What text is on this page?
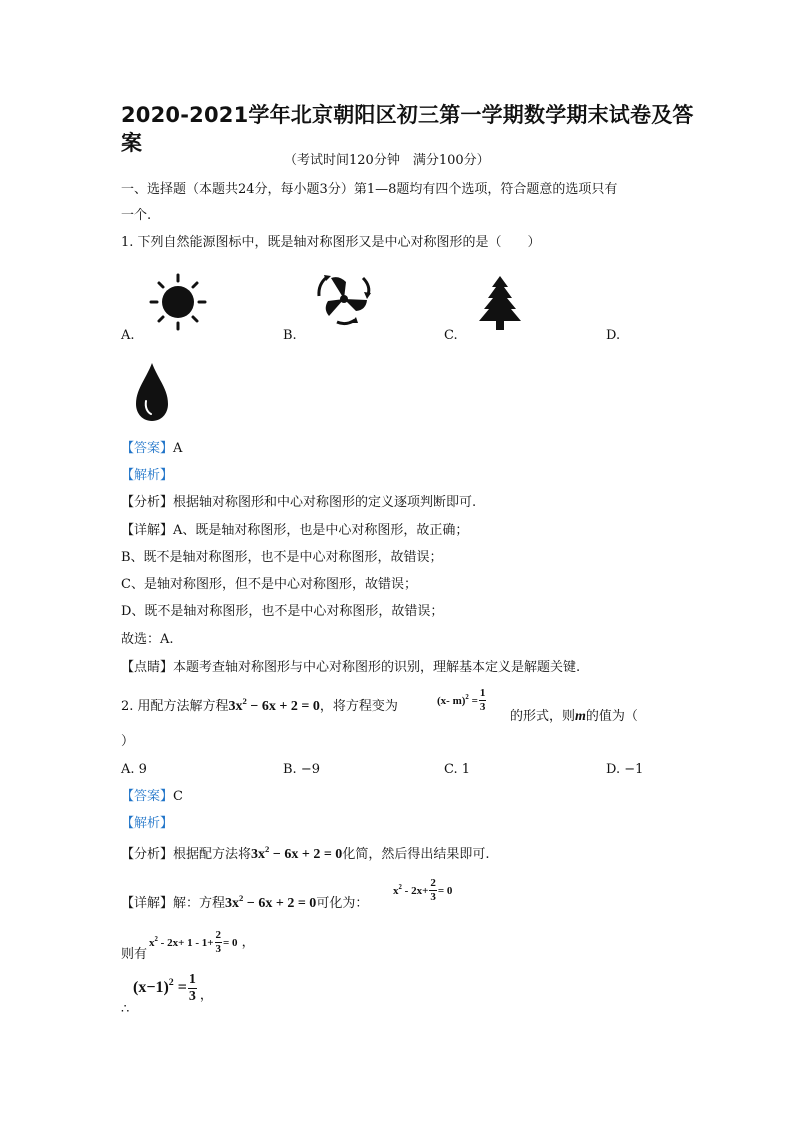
2020-2021学年北京朝阳区初三第一学期数学期末试卷及答
案
（考试时间120分钟　满分100分）
一、选择题（本题共24分，每小题3分）第1—8题均有四个选项，符合题意的选项只有
一个.
1. 下列自然能源图标中，既是轴对称图形又是中心对称图形的是（　　）
A.	B.	C.	D.
【答案】A
【解析】
【分析】根据轴对称图形和中心对称图形的定义逐项判断即可.
【详解】A、既是轴对称图形，也是中心对称图形，故正确；
B、既不是轴对称图形，也不是中心对称图形，故错误；
C、是轴对称图形，但不是中心对称图形，故错误；
D、既不是轴对称图形，也不是中心对称图形，故错误；
故选：A.
【点睛】本题考查轴对称图形与中心对称图形的识别，理解基本定义是解题关键.
2. 用配方法解方程 $3x^2 - 6x + 2 = 0$ ，将方程变为	(x- $m)^2 = \frac{1}{3}$
的形式，则 m 的值为（
）
A. 9	B. −9	C. 1	D. −1
【答案】C
【解析】
【分析】 根据配方法将 $3x^2 - 6x + 2 = 0$ 化简，然后得出结果即可.
【详解】 解：方程 $3x^2 - 6x + 2 = 0$ 可化为：
$x^2 - 2x+ \frac{2}{3} = 0$
$x^2 - 2x+ 1 - 1+ \frac{2}{3} = 0$ ，
则有
$(x-1)^2 = \frac{1}{3}$ ，
∴
